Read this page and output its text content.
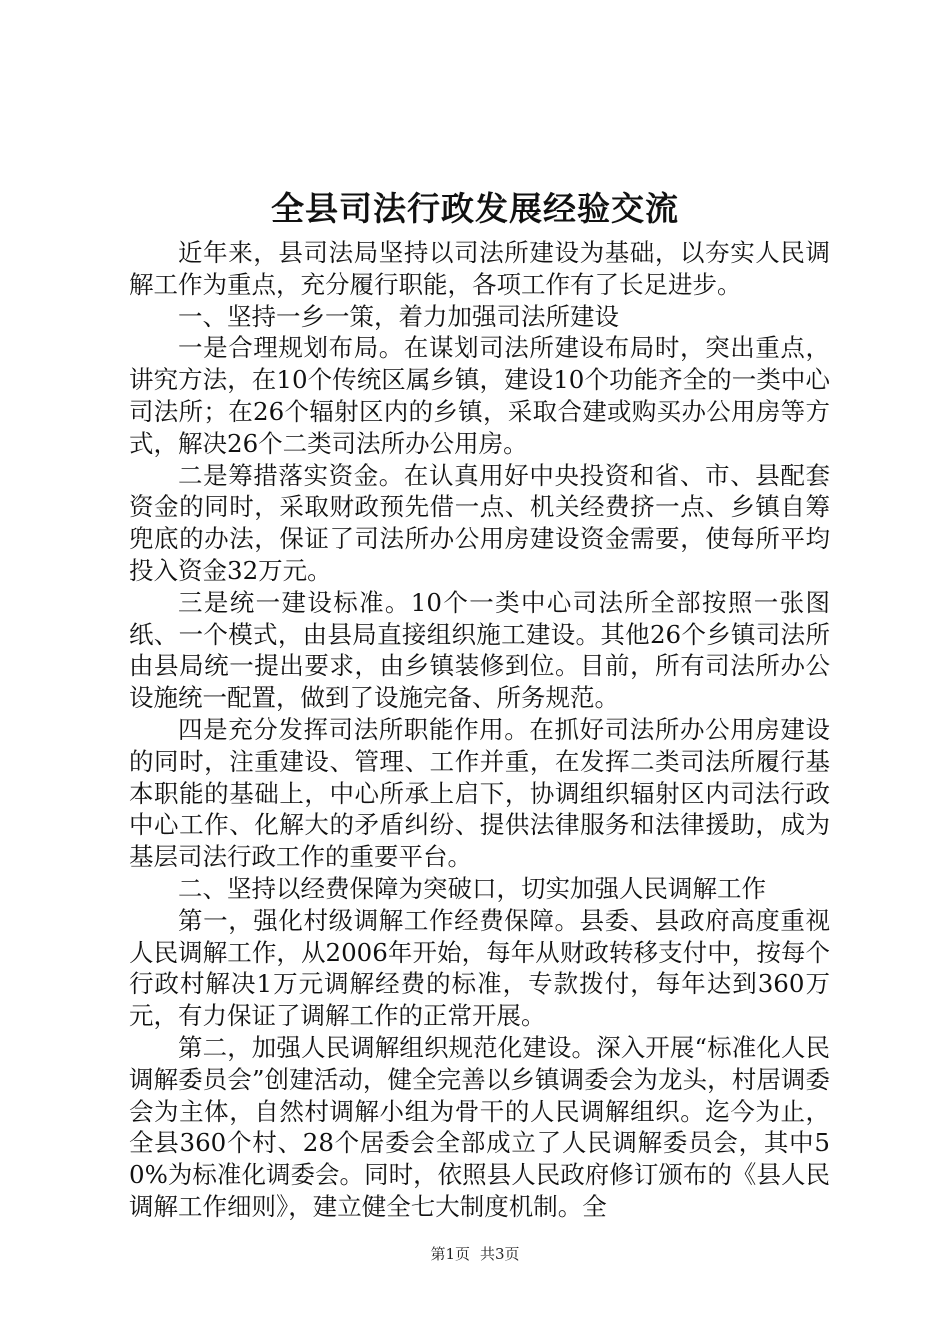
全县司法行政发展经验交流

近年来，县司法局坚持以司法所建设为基础，以夯实人民调解工作为重点，充分履行职能，各项工作有了长足进步。

一、坚持一乡一策，着力加强司法所建设

一是合理规划布局。在谋划司法所建设布局时，突出重点，讲究方法，在10个传统区属乡镇，建设10个功能齐全的一类中心司法所；在26个辐射区内的乡镇，采取合建或购买办公用房等方式，解决26个二类司法所办公用房。

二是筹措落实资金。在认真用好中央投资和省、市、县配套资金的同时，采取财政预先借一点、机关经费挤一点、乡镇自筹兜底的办法，保证了司法所办公用房建设资金需要，使每所平均投入资金32万元。

三是统一建设标准。10个一类中心司法所全部按照一张图纸、一个模式，由县局直接组织施工建设。其他26个乡镇司法所由县局统一提出要求，由乡镇装修到位。目前，所有司法所办公设施统一配置，做到了设施完备、所务规范。

四是充分发挥司法所职能作用。在抓好司法所办公用房建设的同时，注重建设、管理、工作并重，在发挥二类司法所履行基本职能的基础上，中心所承上启下，协调组织辐射区内司法行政中心工作、化解大的矛盾纠纷、提供法律服务和法律援助，成为基层司法行政工作的重要平台。

二、坚持以经费保障为突破口，切实加强人民调解工作

第一，强化村级调解工作经费保障。县委、县政府高度重视人民调解工作，从2006年开始，每年从财政转移支付中，按每个行政村解决1万元调解经费的标准，专款拨付，每年达到360万元，有力保证了调解工作的正常开展。

第二，加强人民调解组织规范化建设。深入开展“标准化人民调解委员会”创建活动，健全完善以乡镇调委会为龙头，村居调委会为主体，自然村调解小组为骨干的人民调解组织。迄今为止，全县360个村、28个居委会全部成立了人民调解委员会，其中50%为标准化调委会。同时，依照县人民政府修订颁布的《县人民调解工作细则》，建立健全七大制度机制。全

第1页 共3页
